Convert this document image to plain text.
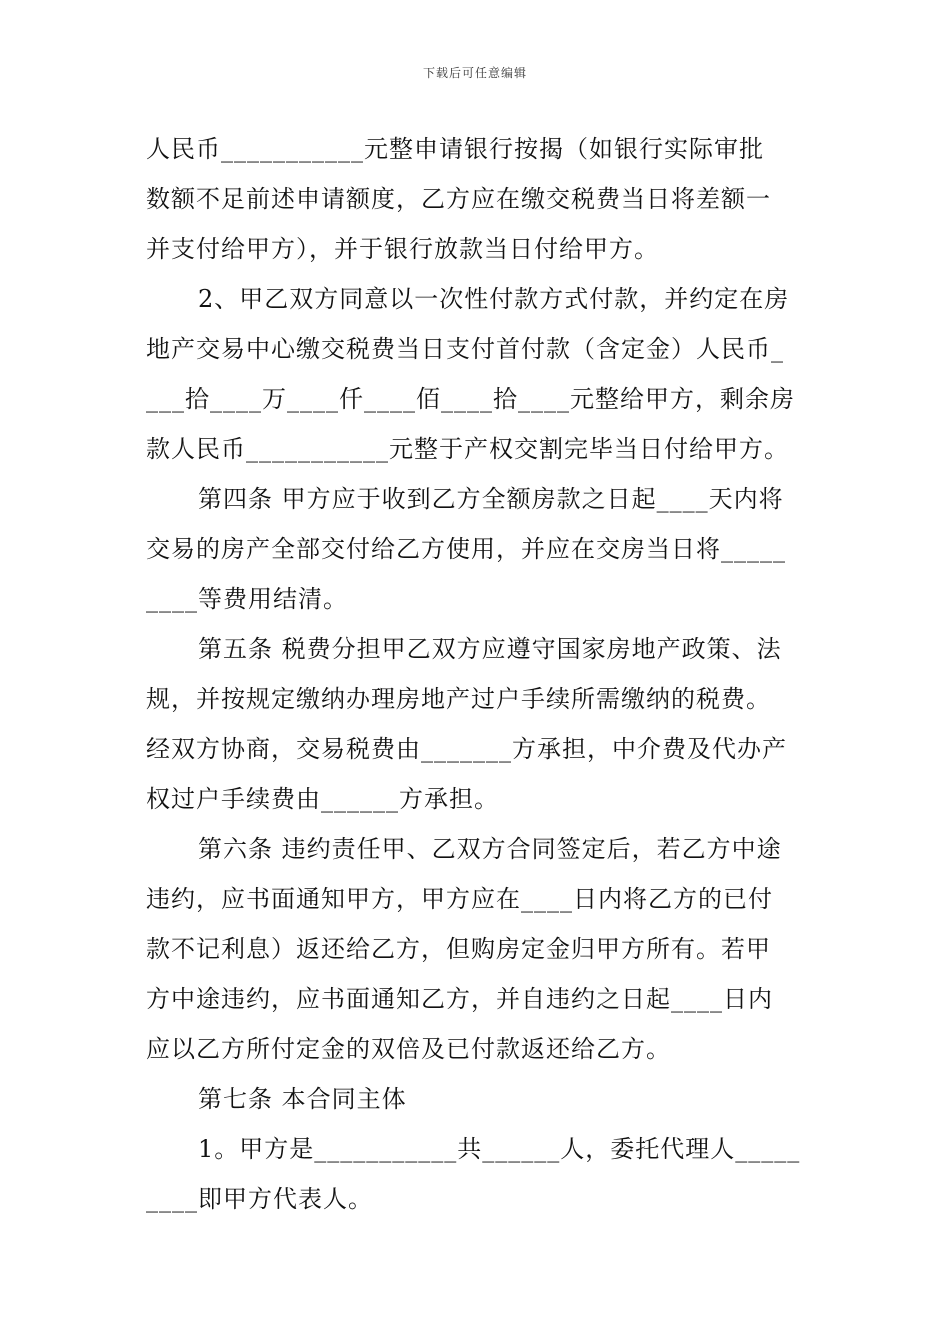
下载后可任意编辑
人民币___________元整申请银行按揭（如银行实际审批
数额不足前述申请额度，乙方应在缴交税费当日将差额一
并支付给甲方），并于银行放款当日付给甲方。
2、甲乙双方同意以一次性付款方式付款，并约定在房
地产交易中心缴交税费当日支付首付款（含定金）人民币_
___拾____万____仟____佰____拾____元整给甲方，剩余房
款人民币___________元整于产权交割完毕当日付给甲方。
第四条 甲方应于收到乙方全额房款之日起____天内将
交易的房产全部交付给乙方使用，并应在交房当日将_____
____等费用结清。
第五条 税费分担甲乙双方应遵守国家房地产政策、法
规，并按规定缴纳办理房地产过户手续所需缴纳的税费。
经双方协商，交易税费由_______方承担，中介费及代办产
权过户手续费由______方承担。
第六条 违约责任甲、乙双方合同签定后，若乙方中途
违约，应书面通知甲方，甲方应在____日内将乙方的已付
款不记利息）返还给乙方，但购房定金归甲方所有。若甲
方中途违约，应书面通知乙方，并自违约之日起____日内
应以乙方所付定金的双倍及已付款返还给乙方。
第七条 本合同主体
1。甲方是___________共______人，委托代理人_____
____即甲方代表人。
